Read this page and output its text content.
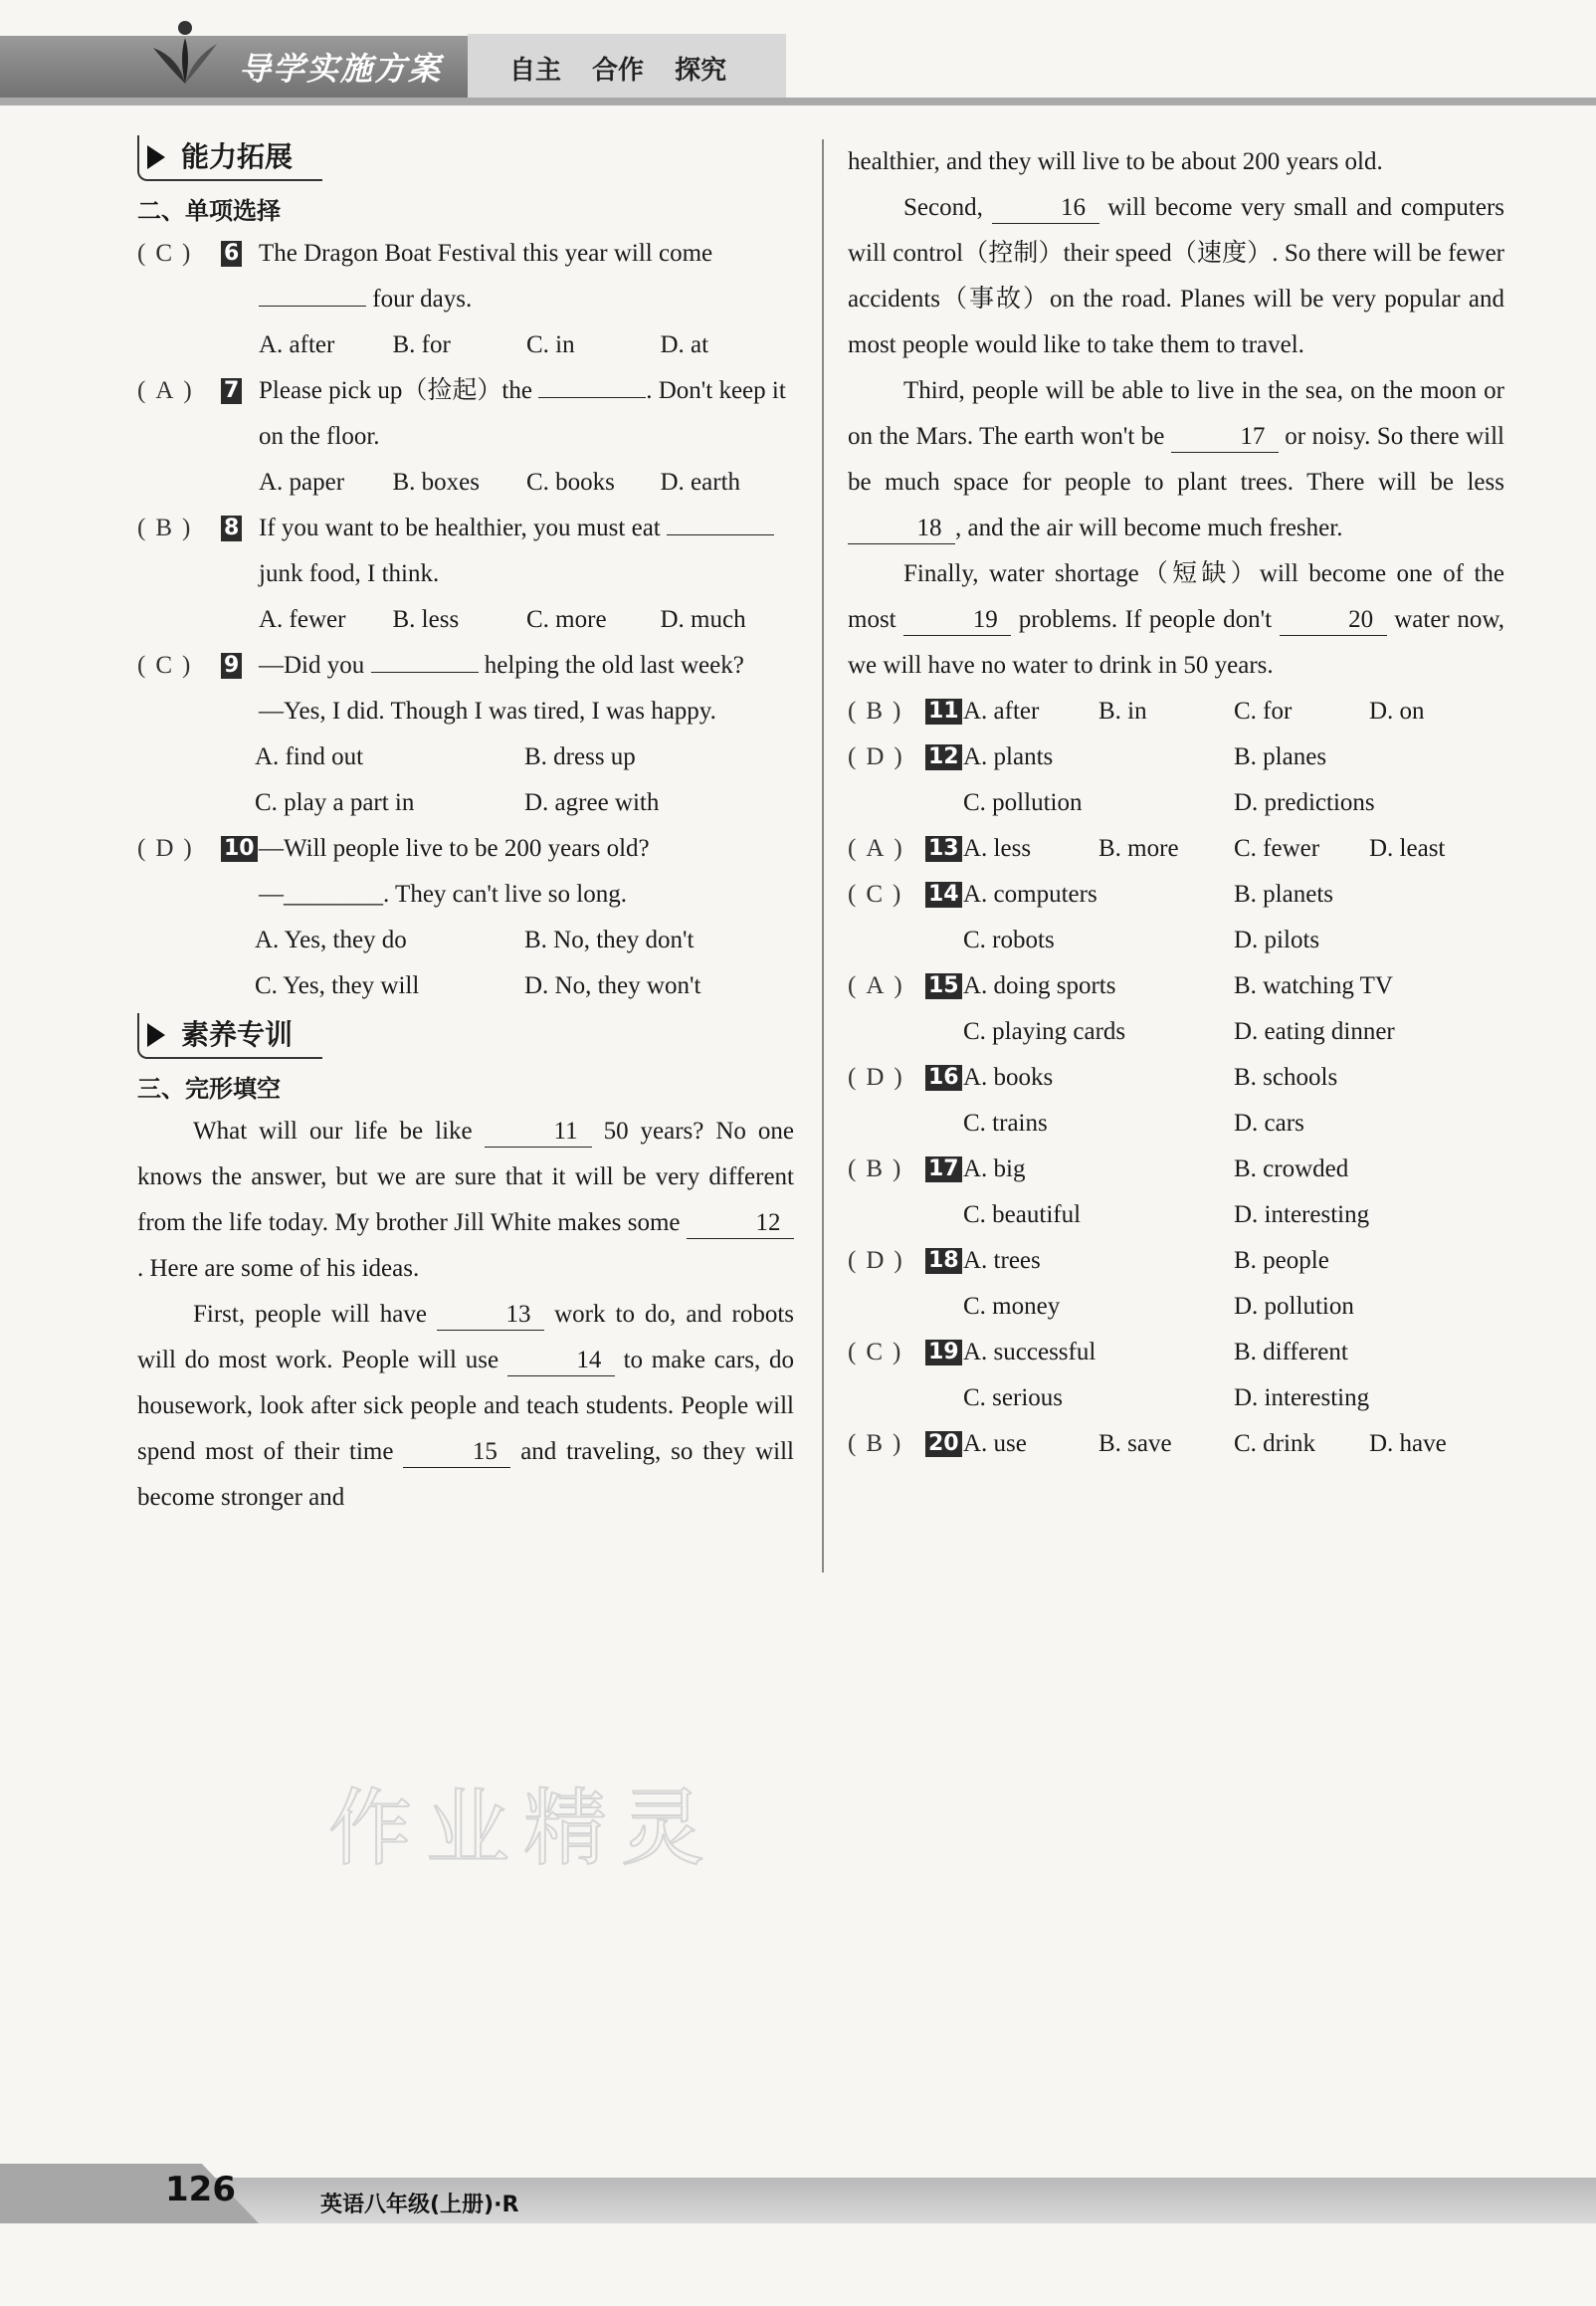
导学实施方案	自主 合作 探究
能力拓展
二、单项选择
(C)	6 The Dragon Boat Festival this year will come four days.
A. after	B. for	C. in	D. at
(A) 7 Please pick up（捡起）the	. Don't keep it on the floor.
A. paper	B. boxes	C. books	D. earth
(B)	8 If you want to be healthier, you must eat  junk food, I think.
A. fewer	B. less	C. more	D. much
(C)	9 —Did you	helping the old last week?
—Yes, I did. Though I was tired, I was happy.
A. find out	B. dress up
C. play a part in	D. agree with
(D) 10 —Will people live to be 200 years old?
—________. They can't live so long.
A. Yes, they do	B. No, they don't
C. Yes, they will	D. No, they won't
素养专训
三、完形填空
What will our life be like	11 50 years? No one knows the answer, but we are sure that it will be very different from the life today. My brother Jill White makes some	12. Here are some of his ideas.
First, people will have	13 work to do, and robots will do most work. People will use	14 to make cars, do housework, look after sick people and teach students. People will spend most of their time	15 and traveling, so they will become stronger and
healthier, and they will live to be about 200 years old.
Second,	16 will become very small and computers will control（控制）their speed（速度）. So there will be fewer accidents（事故）on the road. Planes will be very popular and most people would like to take them to travel.
Third, people will be able to live in the sea, on the moon or on the Mars. The earth won't be	17 or noisy. So there will be much space for people to plant trees. There will be less 18 , and the air will become much fresher.
Finally, water shortage（短缺）will become one of the most	19 problems. If people don't	20 water now, we will have no water to drink in 50 years.
(B) 11 A. after	B. in	C. for	D. on
(D) 12 A. plants	B. planes
C. pollution	D. predictions
(A) 13 A. less	B. more	C. fewer	D. least
(C) 14 A. computers	B. planets
C. robots	D. pilots
(A) 15 A. doing sports	B. watching TV
C. playing cards	D. eating dinner
(D) 16 A. books	B. schools
C. trains	D. cars
(B) 17 A. big	B. crowded
C. beautiful	D. interesting
(D) 18 A. trees	B. people
C. money	D. pollution
(C) 19 A. successful	B. different
C. serious	D. interesting
(B) 20 A. use	B. save	C. drink	D. have
作业精灵
126	英语八年级(上册)·R
